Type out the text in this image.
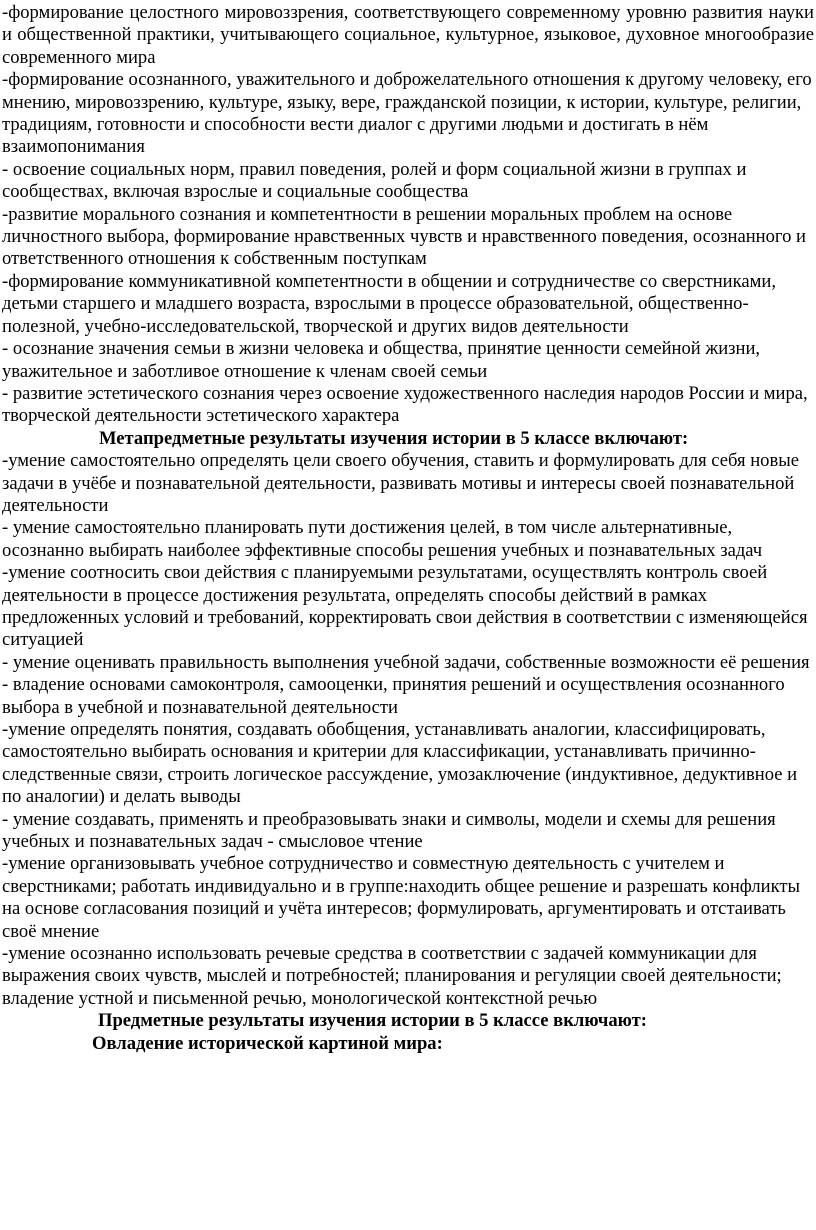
-формирование целостного мировоззрения, соответствующего современному уровню развития науки и общественной практики, учитывающего социальное, культурное, языковое, духовное многообразие современного мира

-формирование осознанного, уважительного и доброжелательного отношения к другому человеку, его мнению, мировоззрению, культуре, языку, вере, гражданской позиции, к истории, культуре, религии, традициям, готовности и способности вести диалог с другими людьми и достигать в нём взаимопонимания

- освоение социальных норм, правил поведения, ролей и форм социальной жизни в группах и сообществах, включая взрослые и социальные сообщества

-развитие морального сознания и компетентности в решении моральных проблем на основе личностного выбора, формирование нравственных чувств и нравственного поведения, осознанного и ответственного отношения к собственным поступкам

-формирование коммуникативной компетентности в общении и сотрудничестве со сверстниками, детьми старшего и младшего возраста, взрослыми в процессе образовательной, общественно-полезной, учебно-исследовательской, творческой и других видов деятельности

- осознание значения семьи в жизни человека и общества, принятие ценности семейной жизни, уважительное и заботливое отношение к членам своей семьи

- развитие эстетического сознания через освоение художественного наследия народов России и мира, творческой деятельности эстетического характера

Метапредметные результаты изучения истории в 5 классе включают:

-умение самостоятельно определять цели своего обучения, ставить и формулировать для себя новые задачи в учёбе и познавательной деятельности, развивать мотивы и интересы своей познавательной деятельности

- умение самостоятельно планировать пути достижения целей, в том числе альтернативные, осознанно выбирать наиболее эффективные способы решения учебных и познавательных задач

-умение соотносить свои действия с планируемыми результатами, осуществлять контроль своей деятельности в процессе достижения результата, определять способы действий в рамках предложенных условий и требований, корректировать свои действия в соответствии с изменяющейся ситуацией

- умение оценивать правильность выполнения учебной задачи, собственные возможности её решения

- владение основами самоконтроля, самооценки, принятия решений и осуществления осознанного выбора в учебной и познавательной деятельности

-умение определять понятия, создавать обобщения, устанавливать аналогии, классифицировать, самостоятельно выбирать основания и критерии для классификации, устанавливать причинно-следственные связи, строить логическое рассуждение, умозаключение (индуктивное, дедуктивное и по аналогии) и делать выводы

- умение создавать, применять и преобразовывать знаки и символы, модели и схемы для решения учебных и познавательных задач - смысловое чтение

-умение организовывать учебное сотрудничество и совместную деятельность с учителем и сверстниками; работать индивидуально и в группе:находить общее решение и разрешать конфликты на основе согласования позиций и учёта интересов; формулировать, аргументировать и отстаивать своё мнение

-умение осознанно использовать речевые средства в соответствии с задачей коммуникации для выражения своих чувств, мыслей и потребностей; планирования и регуляции своей деятельности; владение устной и письменной речью, монологической контекстной речью

Предметные результаты изучения истории в 5 классе включают:

Овладение исторической картиной мира:
